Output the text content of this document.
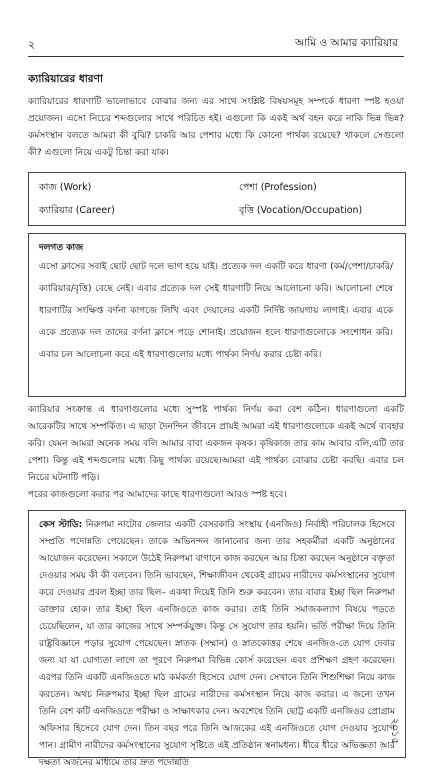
২	আমি ও আমার ক্যারিয়ার
ক্যারিয়ারের ধারণা
ক্যারিয়ারের ধারণাটি ভালোভাবে বোঝার জন্য এর সাথে সংশ্লিষ্ট বিষয়সমূহ সম্পর্কে ধারণা স্পষ্ট হওয়া প্রয়োজন। এসো নিচের শব্দগুলোর সাথে পরিচিত হই। এগুলো কি একই অর্থ বহন করে নাকি ভিন্ন ভিন্ন? কর্মসংস্থান বলতে আমরা কী বুঝি? চাকরি আর পেশার মধ্যে কি কোনো পার্থক্য রয়েছে? থাকলে সেগুলো কী? এগুলো নিয়ে একটু চিন্তা করা যাক।
কাজ (Work)	পেশা (Profession)
ক্যারিয়ার (Career)	বৃত্তি (Vocation/Occupation)
দলগত কাজ
এসো ক্লাসের সবাই ছোট ছোট দলে ভাগ হয়ে যাই। প্রত্যেক দল একটি করে ধারণা (কর্ম/পেশা/চাকরি/ক্যারিয়ার/বৃত্তি) বেছে নেই। এবার প্রত্যেক দল সেই ধারণাটি নিয়ে আলোচনা করি। আলোচনা শেষে ধারণাটির সংক্ষিপ্ত বর্ণনা কাগজে লিখি এবং দেয়ালের একটি নির্দিষ্ট জায়গায় লাগাই। এবার একে একে প্রত্যেক দল তাদের বর্ণনা ক্লাসে পড়ে শোনাই। প্রয়োজন হলে ধারণাগুলোকে সংশোধন করি। এবার চল আলোচনা করে এই ধারণাগুলোর মধ্যে পার্থক্য নির্ণয় করার চেষ্টা করি।
ক্যারিয়ার সংক্রান্ত এ ধারণাগুলোর মধ্যে সুস্পষ্ট পার্থক্য নির্ণয় করা বেশ কঠিন। ধারণাগুলো একটি আরেকটির সাথে সম্পর্কিত। এ ছাড়া দৈনন্দিন জীবনে প্রায়ই আমরা এই ধারণাগুলোকে একই অর্থে ব্যবহার করি। যেমন আমরা অনেক সময় বলি আমার বাবা একজন কৃষক। কৃষিকাজ তার কাম আবার বলি,এটি তার পেশা। কিন্তু এই শব্দগুলোর মধ্যে কিছু পার্থক্য রয়েছে।আমরা এই পার্থক্য বোঝার চেষ্টা করছি। এবার চল নিচের ঘটনাটি পড়ি।
পরের কাজগুলো করার পর আমাদের কাছে ধারণাগুলো আরও স্পষ্ট হবে।
কেস স্টাডি: নিরুপমা নাটোর জেলার একটি বেসরকারি সংস্থায় (এনজিও) নির্বাহী পরিচালক হিসেবে সম্প্রতি পদোন্নতি পেয়েছেন। তাকে অভিনন্দন জানানোর জন্য তার সহকর্মীরা একটি অনুষ্ঠানের আয়োজন করেছেন। সকালে উঠেই নিরুপমা বাগানে কাজ করছেন আর চিন্তা করছেন অনুষ্ঠানে বক্তৃতা দেওয়ার সময় কী কী বলবেন। তিনি ভাবছেন, শিক্ষাজীবন থেকেই গ্রামের নারীদের কর্মসংস্থানের সুযোগ করে দেওয়ার প্রবল ইচ্ছা তার ছিল– একথা দিয়েই তিনি শুরু করবেন। তার বাবার ইচ্ছা ছিল নিরুপমা ডাক্তার হোক। তার ইচ্ছা ছিল এনজিওতে কাজ করার। তাই তিনি সমাজকল্যাণ বিষয়ে পড়তে চেয়েছিলেন, যা তার কাজের সাথে সম্পর্কযুক্ত। কিন্তু সে সুযোগ তার হয়নি। ভর্তি পরীক্ষা দিয়ে তিনি রাষ্ট্রবিজ্ঞানে পড়ার সুযোগ পেয়েছেন। স্নাতক (সম্মান) ও স্নাতকোত্তর শেষে এনজিও-তে যোগ দেবার জন্য যা যা যোগ্যতা লাগে তা পূরণে নিরুপমা বিভিন্ন কোর্স করেছেন এবং প্রশিক্ষণ গ্রহণ করেছেন। এরপর তিনি একটি এনজিওতে মাঠ কর্মকর্তা হিসেবে যোগ দেন। সেখানে তিনি শিশুশিক্ষা নিয়ে কাজ করতেন। অথচ নিরুপমার ইচ্ছা ছিল গ্রামের নারীদের কর্মসংস্থান নিয়ে কাজ করার। এ জন্যে তখন তিনি বেশ কটি এনজিওতে পরীক্ষা ও সাক্ষাৎকার দেন। অবশেষে তিনি ছোট্ট একটি এনজিওর প্রোগ্রাম অফিসার হিসেবে যোগ দেন। তিন বছর পরে তিনি আজকের এই এনজিওতে যোগ দেওয়ার সুযোগ পান। গ্রামীণ নারীদের কর্মসংস্থানের সুযোগ সৃষ্টিতে এই প্রতিষ্ঠান স্বনামধন্য। ধীরে ধীরে অভিজ্ঞতা আর দক্ষতা অর্জনের মাধ্যমে তার দ্রুত পদোন্নতি
২০১৫
